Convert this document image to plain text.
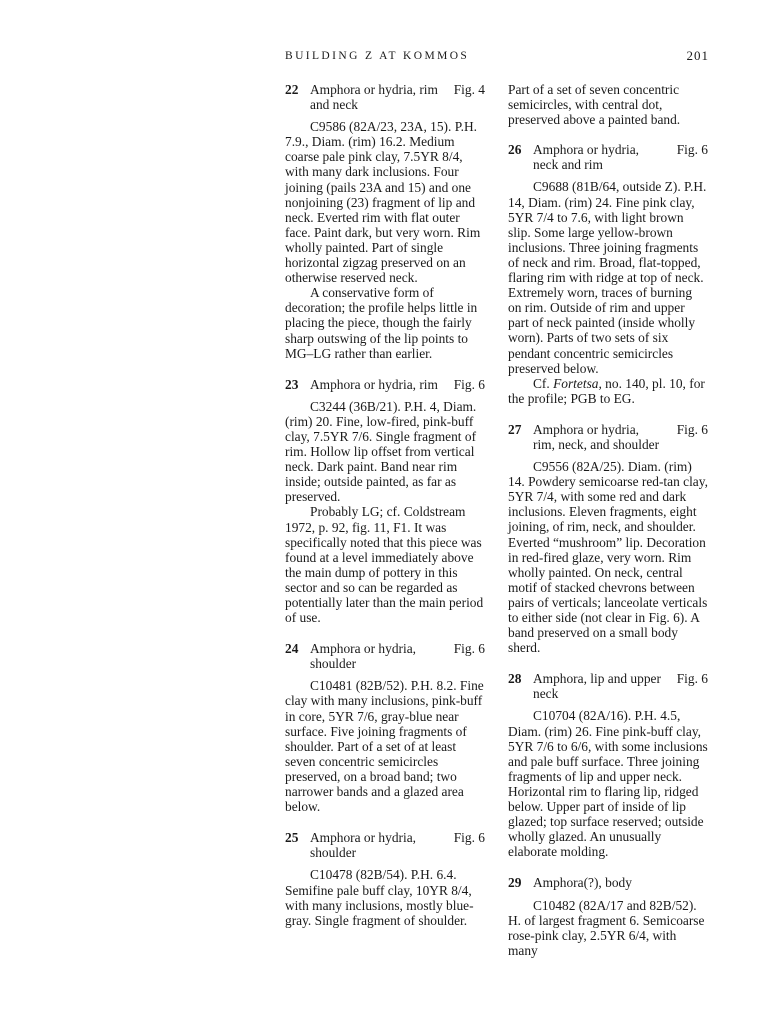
BUILDING Z AT KOMMOS	201
22 Amphora or hydria, rim and neck
Fig. 4

C9586 (82A/23, 23A, 15). P.H. 7.9., Diam. (rim) 16.2. Medium coarse pale pink clay, 7.5YR 8/4, with many dark inclusions. Four joining (pails 23A and 15) and one nonjoining (23) fragment of lip and neck. Everted rim with flat outer face. Paint dark, but very worn. Rim wholly painted. Part of single horizontal zigzag preserved on an otherwise reserved neck.

A conservative form of decoration; the profile helps little in placing the piece, though the fairly sharp outswing of the lip points to MG–LG rather than earlier.

23 Amphora or hydria, rim Fig. 6

C3244 (36B/21). P.H. 4, Diam. (rim) 20. Fine, low-fired, pink-buff clay, 7.5YR 7/6. Single fragment of rim. Hollow lip offset from vertical neck. Dark paint. Band near rim inside; outside painted, as far as preserved.

Probably LG; cf. Coldstream 1972, p. 92, fig. 11, F1. It was specifically noted that this piece was found at a level immediately above the main dump of pottery in this sector and so can be regarded as potentially later than the main period of use.

24 Amphora or hydria, shoulder
Fig. 6

C10481 (82B/52). P.H. 8.2. Fine clay with many inclusions, pink-buff in core, 5YR 7/6, gray-blue near surface. Five joining fragments of shoulder. Part of a set of at least seven concentric semicircles preserved, on a broad band; two narrower bands and a glazed area below.

25 Amphora or hydria, shoulder
Fig. 6

C10478 (82B/54). P.H. 6.4. Semifine pale buff clay, 10YR 8/4, with many inclusions, mostly blue-gray. Single fragment of shoulder.

Part of a set of seven concentric semicircles, with central dot, preserved above a painted band.

26 Amphora or hydria, neck and rim
Fig. 6

C9688 (81B/64, outside Z). P.H. 14, Diam. (rim) 24. Fine pink clay, 5YR 7/4 to 7.6, with light brown slip. Some large yellow-brown inclusions. Three joining fragments of neck and rim. Broad, flat-topped, flaring rim with ridge at top of neck. Extremely worn, traces of burning on rim. Outside of rim and upper part of neck painted (inside wholly worn). Parts of two sets of six pendant concentric semicircles preserved below.

Cf. Fortetsa, no. 140, pl. 10, for the profile; PGB to EG.

27 Amphora or hydria, rim, neck, and shoulder
Fig. 6

C9556 (82A/25). Diam. (rim) 14. Powdery semicoarse red-tan clay, 5YR 7/4, with some red and dark inclusions. Eleven fragments, eight joining, of rim, neck, and shoulder. Everted “mushroom” lip. Decoration in red-fired glaze, very worn. Rim wholly painted. On neck, central motif of stacked chevrons between pairs of verticals; lanceolate verticals to either side (not clear in Fig. 6). A band preserved on a small body sherd.

28 Amphora, lip and upper neck
Fig. 6

C10704 (82A/16). P.H. 4.5, Diam. (rim) 26. Fine pink-buff clay, 5YR 7/6 to 6/6, with some inclusions and pale buff surface. Three joining fragments of lip and upper neck. Horizontal rim to flaring lip, ridged below. Upper part of inside of lip glazed; top surface reserved; outside wholly glazed. An unusually elaborate molding.

29 Amphora(?), body

C10482 (82A/17 and 82B/52). H. of largest fragment 6. Semicoarse rose-pink clay, 2.5YR 6/4, with many
